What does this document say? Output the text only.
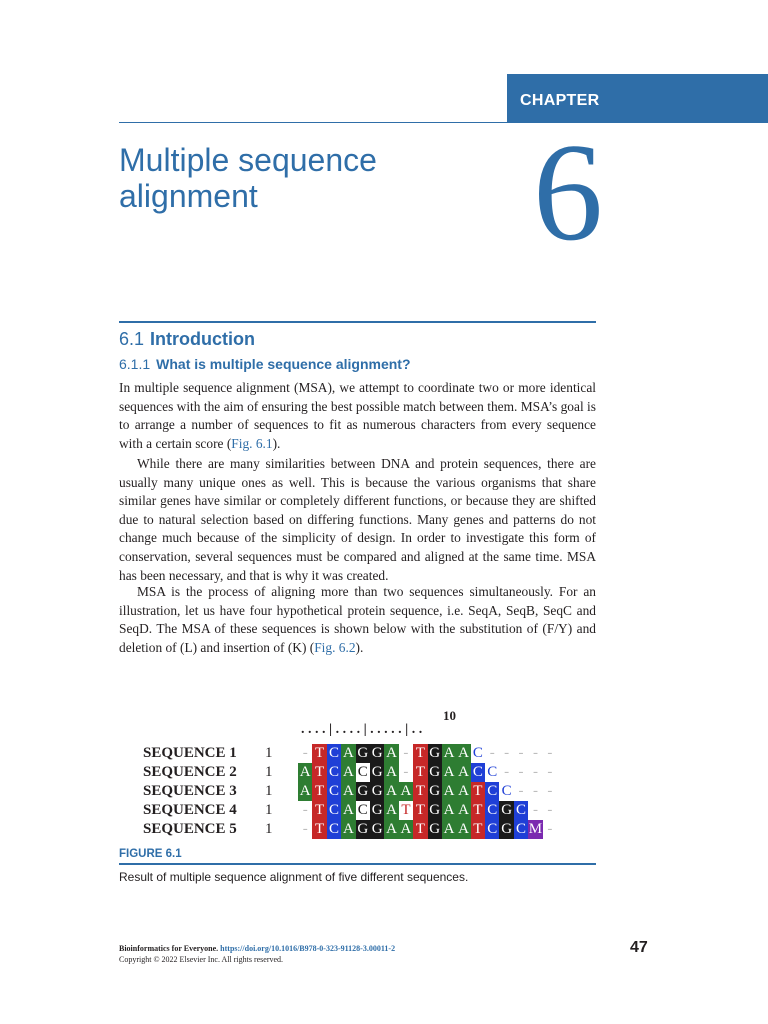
CHAPTER
Multiple sequence alignment	6
6.1 Introduction
6.1.1 What is multiple sequence alignment?

In multiple sequence alignment (MSA), we attempt to coordinate two or more identical sequences with the aim of ensuring the best possible match between them. MSA’s goal is to arrange a number of sequences to fit as numerous characters from every sequence with a certain score (Fig. 6.1).

While there are many similarities between DNA and protein sequences, there are usually many unique ones as well. This is because the various organisms that share similar genes have similar or completely different functions, or because they are shifted due to natural selection based on differing functions. Many genes and patterns do not change much because of the simplicity of design. In order to investigate this form of conservation, several sequences must be compared and aligned at the same time. MSA has been necessary, and that is why it was created.

MSA is the process of aligning more than two sequences simultaneously. For an illustration, let us have four hypothetical protein sequence, i.e. SeqA, SeqB, SeqC and SeqD. The MSA of these sequences is shown below with the substitution of (F/Y) and deletion of (L) and insertion of (K) (Fig. 6.2).

10
. . . . | . . . . | . . . . . | . .
SEQUENCE 1 1	- T C A G G A - T G A A C - - - - -
SEQUENCE 2 1 A T C A C G A - T G A A C C - - - -
SEQUENCE 3 1 A T C A G G A A T G A A T C C - - -
SEQUENCE 4 1	- T C A C G A T T G A A T C G C - -
SEQUENCE 5 1	- T C A G G A A T G A A T C G C M -
FIGURE 6.1
Result of multiple sequence alignment of five different sequences.
Bioinformatics for Everyone. https://doi.org/10.1016/B978-0-323-91128-3.00011-2
Copyright © 2022 Elsevier Inc. All rights reserved.
47
